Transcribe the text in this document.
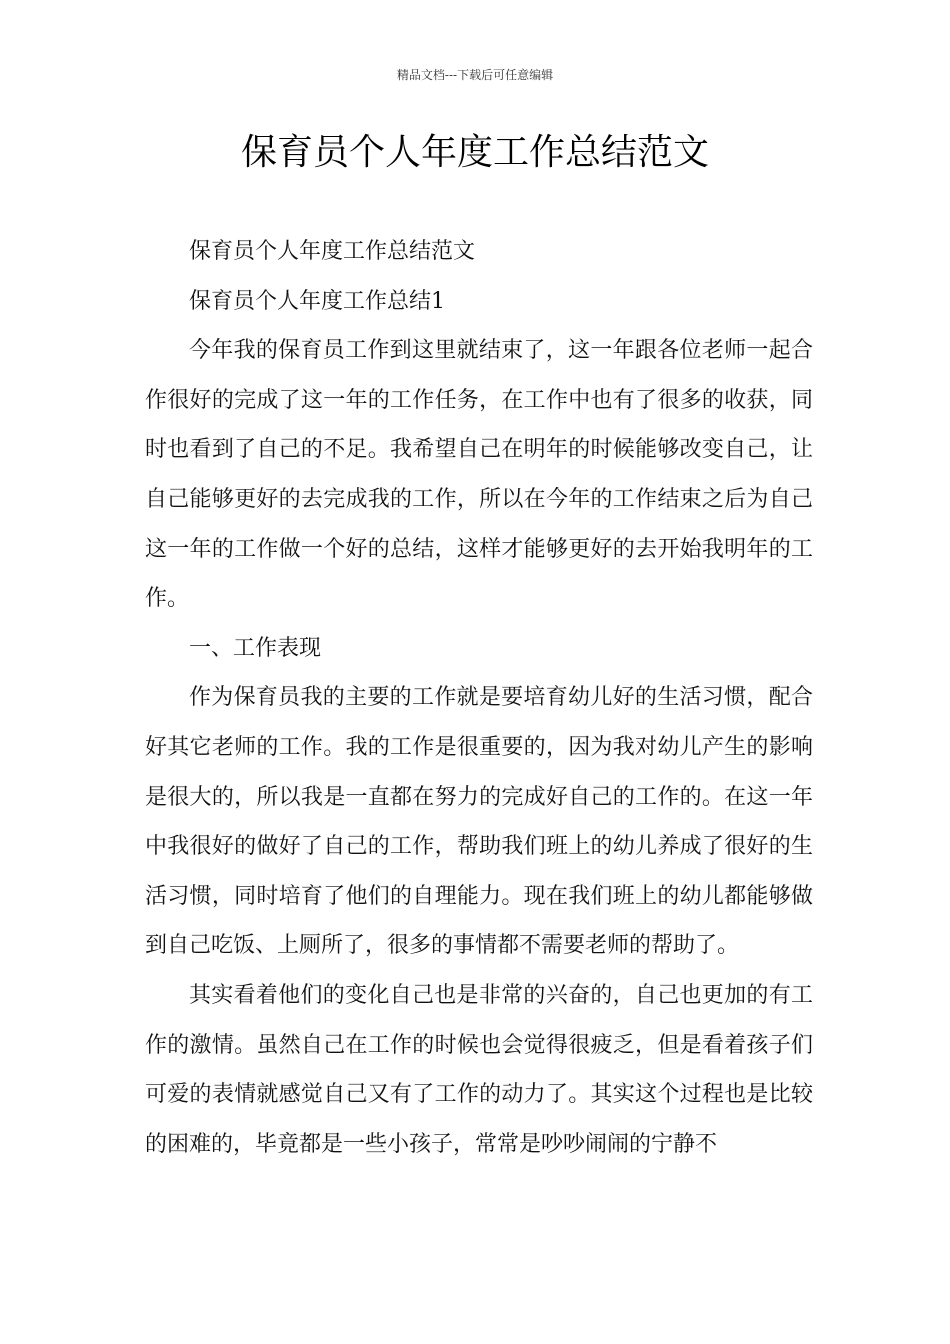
精品文档---下载后可任意编辑
保育员个人年度工作总结范文

保育员个人年度工作总结范文

保育员个人年度工作总结1

今年我的保育员工作到这里就结束了，这一年跟各位老师一起合作很好的完成了这一年的工作任务，在工作中也有了很多的收获，同时也看到了自己的不足。我希望自己在明年的时候能够改变自己，让自己能够更好的去完成我的工作，所以在今年的工作结束之后为自己这一年的工作做一个好的总结，这样才能够更好的去开始我明年的工作。

一、工作表现

作为保育员我的主要的工作就是要培育幼儿好的生活习惯，配合好其它老师的工作。我的工作是很重要的，因为我对幼儿产生的影响是很大的，所以我是一直都在努力的完成好自己的工作的。在这一年中我很好的做好了自己的工作，帮助我们班上的幼儿养成了很好的生活习惯，同时培育了他们的自理能力。现在我们班上的幼儿都能够做到自己吃饭、上厕所了，很多的事情都不需要老师的帮助了。

其实看着他们的变化自己也是非常的兴奋的，自己也更加的有工作的激情。虽然自己在工作的时候也会觉得很疲乏，但是看着孩子们可爱的表情就感觉自己又有了工作的动力了。其实这个过程也是比较的困难的，毕竟都是一些小孩子，常常是吵吵闹闹的宁静不
